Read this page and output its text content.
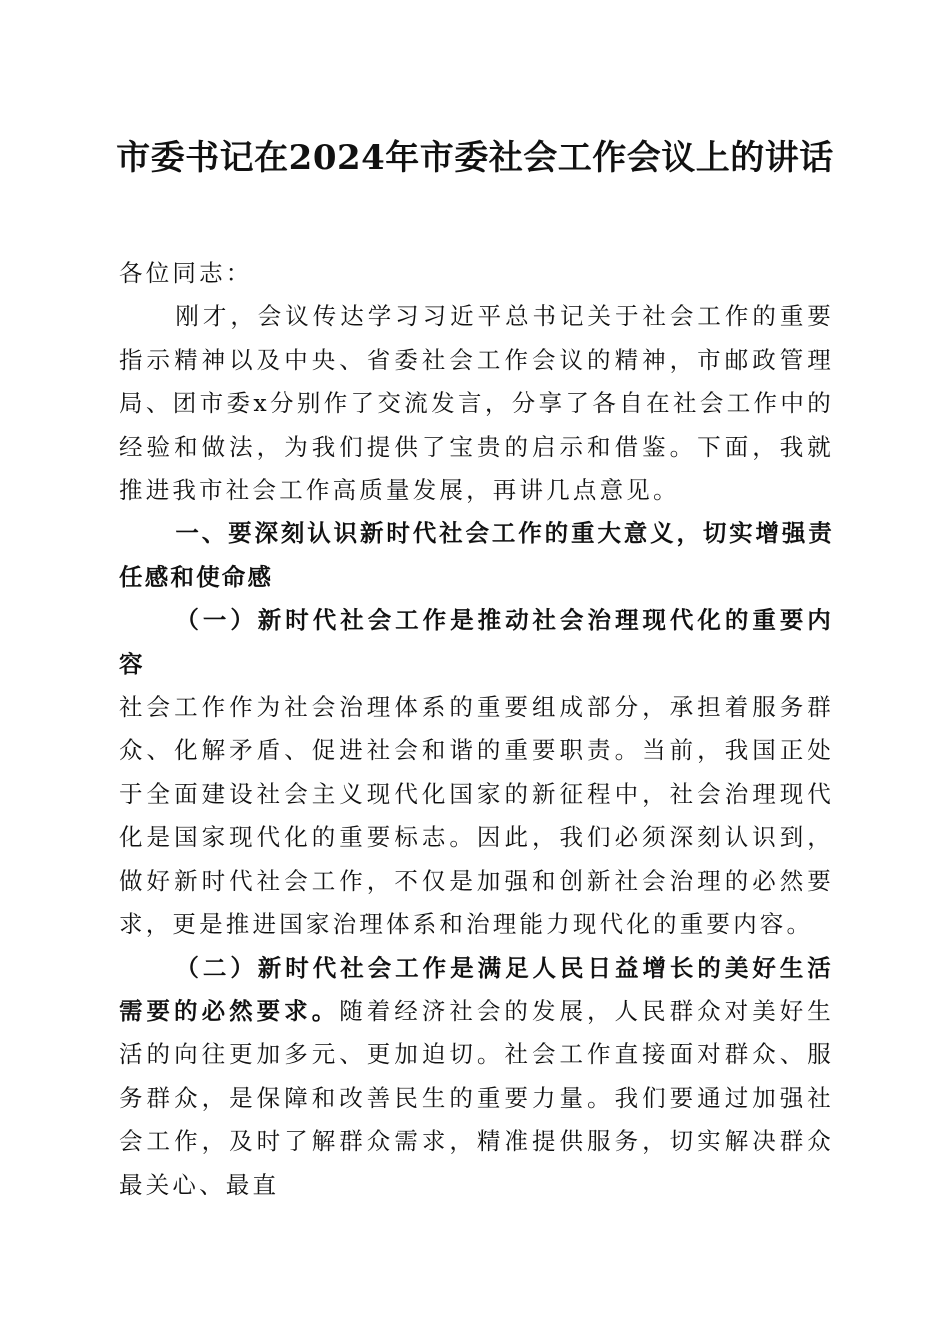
市委书记在2024年市委社会工作会议上的讲话

各位同志：

刚才，会议传达学习习近平总书记关于社会工作的重要指示精神以及中央、省委社会工作会议的精神，市邮政管理局、团市委x分别作了交流发言，分享了各自在社会工作中的经验和做法，为我们提供了宝贵的启示和借鉴。下面，我就推进我市社会工作高质量发展，再讲几点意见。

一、要深刻认识新时代社会工作的重大意义，切实增强责任感和使命感

（一）新时代社会工作是推动社会治理现代化的重要内容

社会工作作为社会治理体系的重要组成部分，承担着服务群众、化解矛盾、促进社会和谐的重要职责。当前，我国正处于全面建设社会主义现代化国家的新征程中，社会治理现代化是国家现代化的重要标志。因此，我们必须深刻认识到，做好新时代社会工作，不仅是加强和创新社会治理的必然要求，更是推进国家治理体系和治理能力现代化的重要内容。

（二）新时代社会工作是满足人民日益增长的美好生活需要的必然要求。随着经济社会的发展，人民群众对美好生活的向往更加多元、更加迫切。社会工作直接面对群众、服务群众，是保障和改善民生的重要力量。我们要通过加强社会工作，及时了解群众需求，精准提供服务，切实解决群众最关心、最直
